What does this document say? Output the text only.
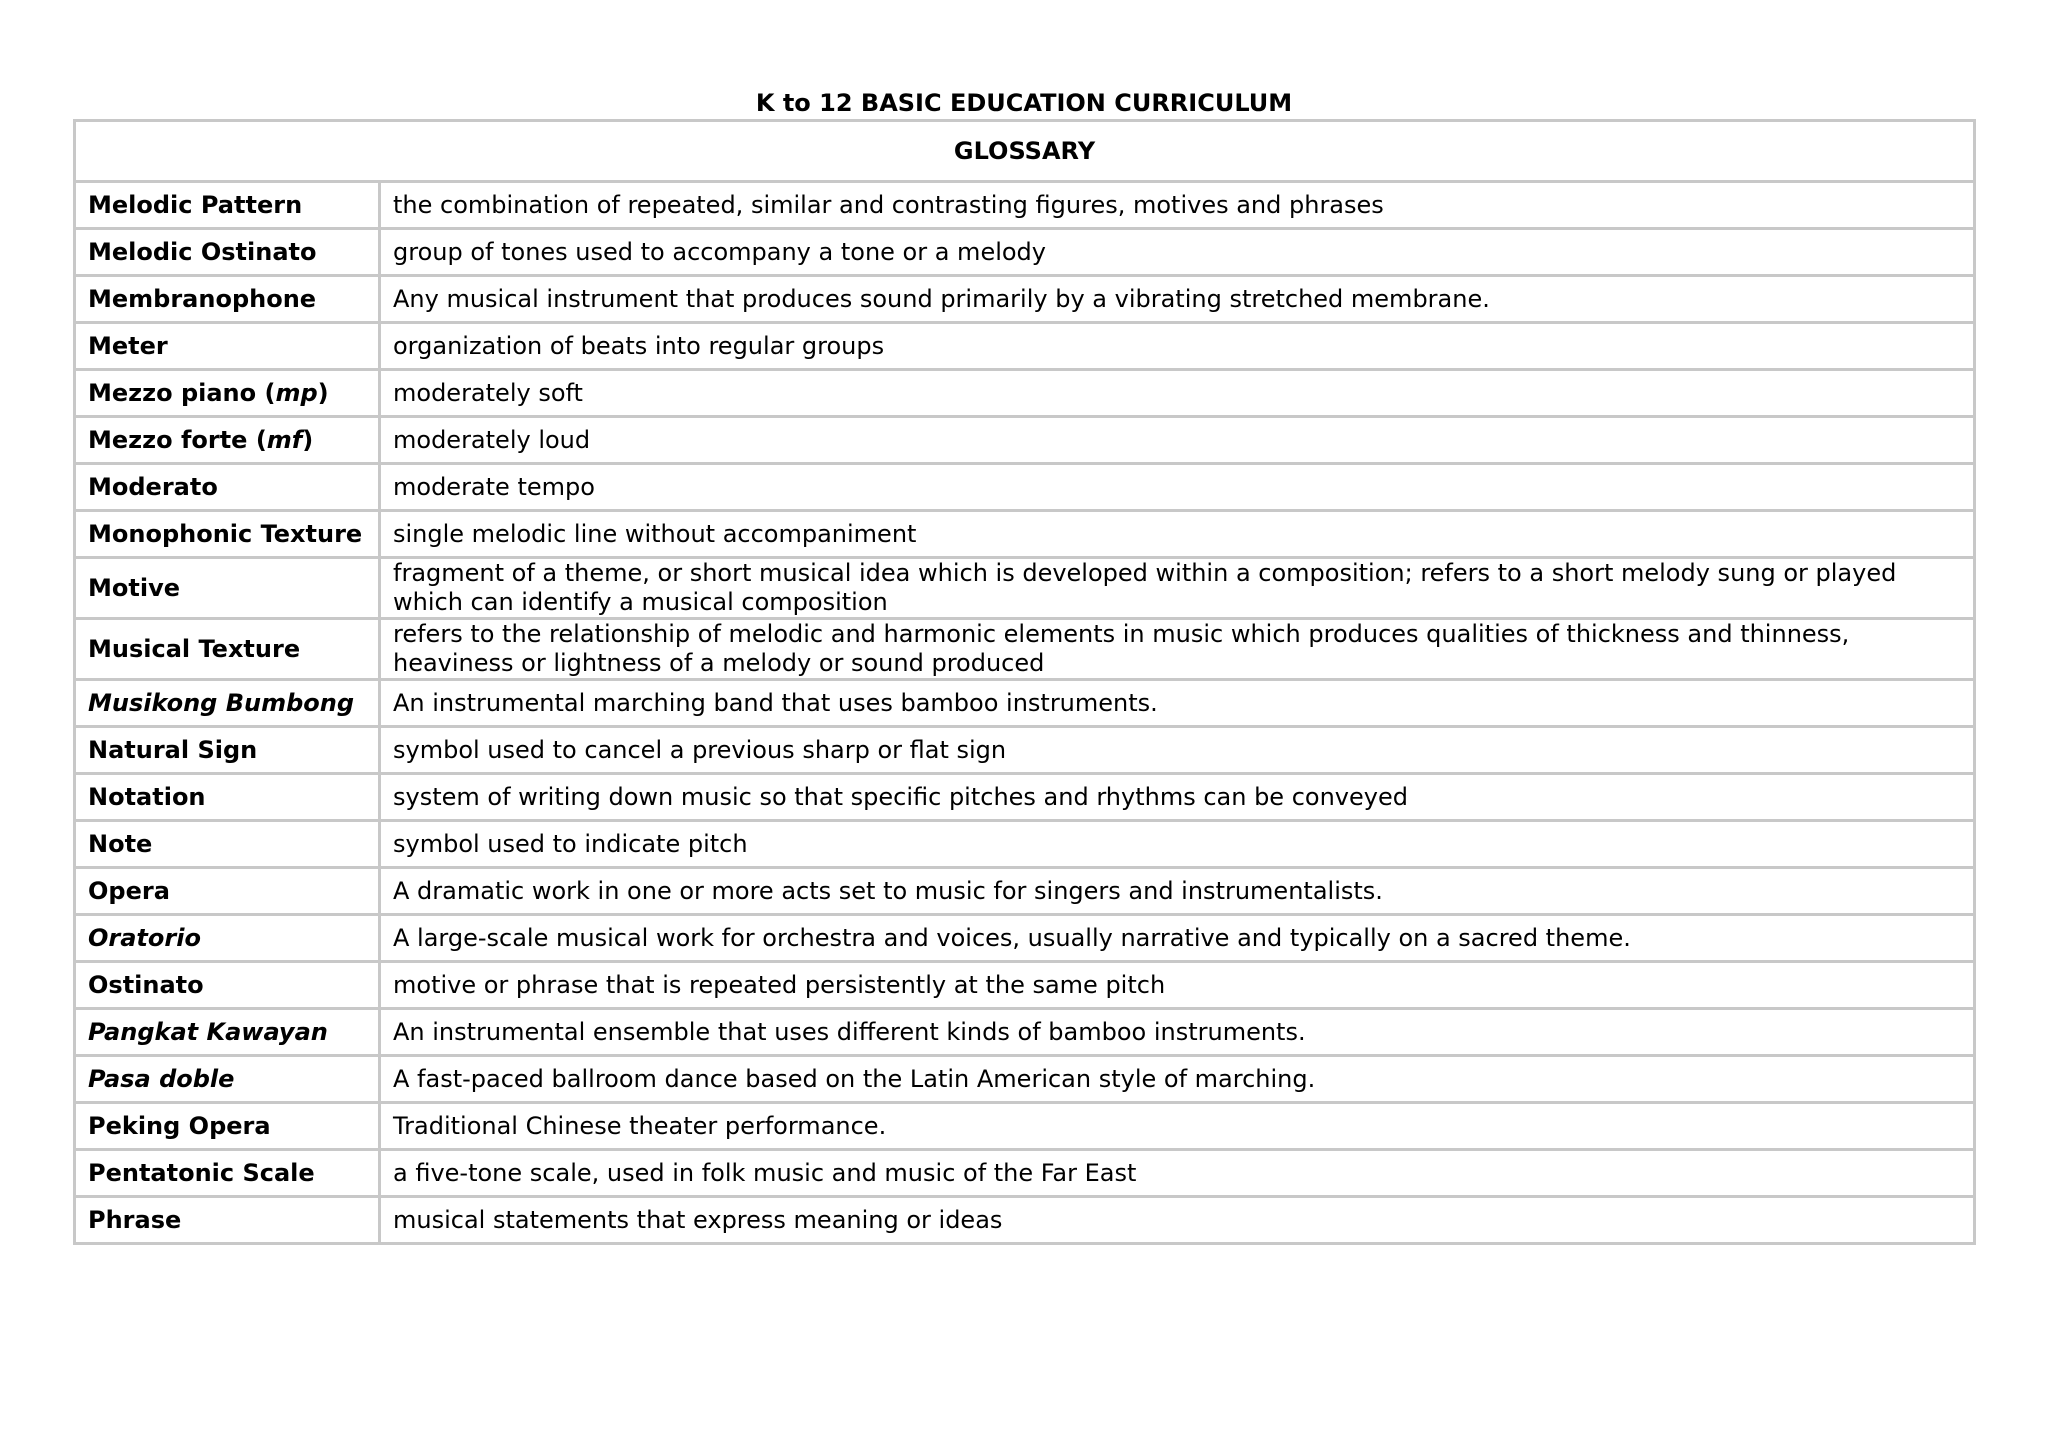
K to 12 BASIC EDUCATION CURRICULUM
GLOSSARY	
Melodic Pattern	the combination of repeated, similar and contrasting figures, motives and phrases
Melodic Ostinato	group of tones used to accompany a tone or a melody
Membranophone	Any musical instrument that produces sound primarily by a vibrating stretched membrane.
Meter	organization of beats into regular groups
Mezzo piano (mp)	moderately soft
Mezzo forte (mf)	moderately loud
Moderato	moderate tempo
Monophonic Texture	single melodic line without accompaniment
Motive	fragment of a theme, or short musical idea which is developed within a composition; refers to a short melody sung or played which can identify a musical composition
Musical Texture	refers to the relationship of melodic and harmonic elements in music which produces qualities of thickness and thinness, heaviness or lightness of a melody or sound produced
Musikong Bumbong	An instrumental marching band that uses bamboo instruments.
Natural Sign	symbol used to cancel a previous sharp or flat sign
Notation	system of writing down music so that specific pitches and rhythms can be conveyed
Note	symbol used to indicate pitch
Opera	A dramatic work in one or more acts set to music for singers and instrumentalists.
Oratorio	A large-scale musical work for orchestra and voices, usually narrative and typically on a sacred theme.
Ostinato	motive or phrase that is repeated persistently at the same pitch
Pangkat Kawayan	An instrumental ensemble that uses different kinds of bamboo instruments.
Pasa doble	A fast-paced ballroom dance based on the Latin American style of marching.
Peking Opera	Traditional Chinese theater performance.
Pentatonic Scale	a five-tone scale, used in folk music and music of the Far East
Phrase	musical statements that express meaning or ideas
